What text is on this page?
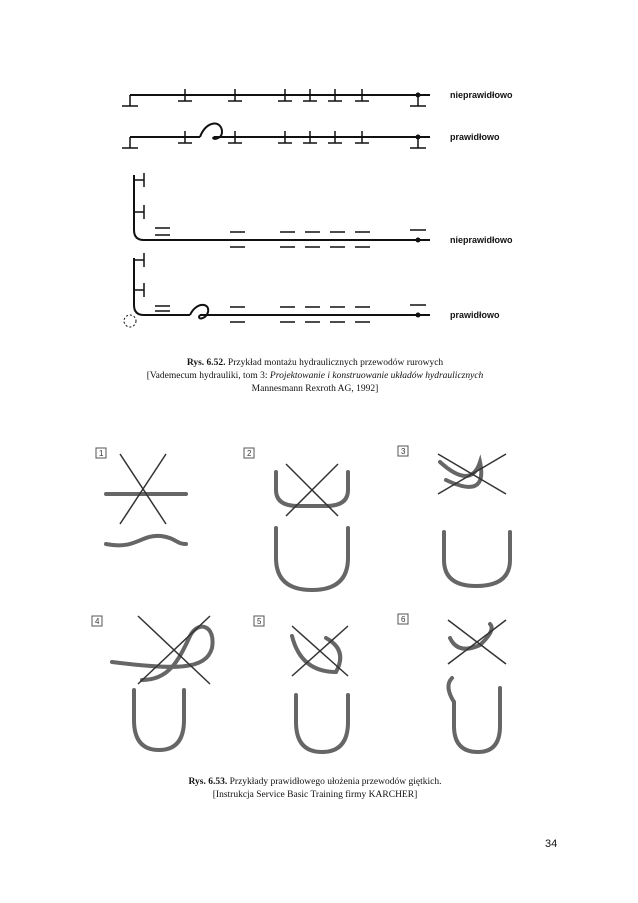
nieprawidłowo
prawidłowo
nieprawidłowo
prawidłowo
Rys. 6.52. Przykład montażu hydraulicznych przewodów rurowych
[Vademecum hydrauliki, tom 3: Projektowanie i konstruowanie układów hydraulicznych
Mannesmann Rexroth AG, 1992]
1	2	3
4	5	6
Rys. 6.53. Przykłady prawidłowego ułożenia przewodów giętkich.
[Instrukcja Service Basic Training firmy KARCHER]
34
